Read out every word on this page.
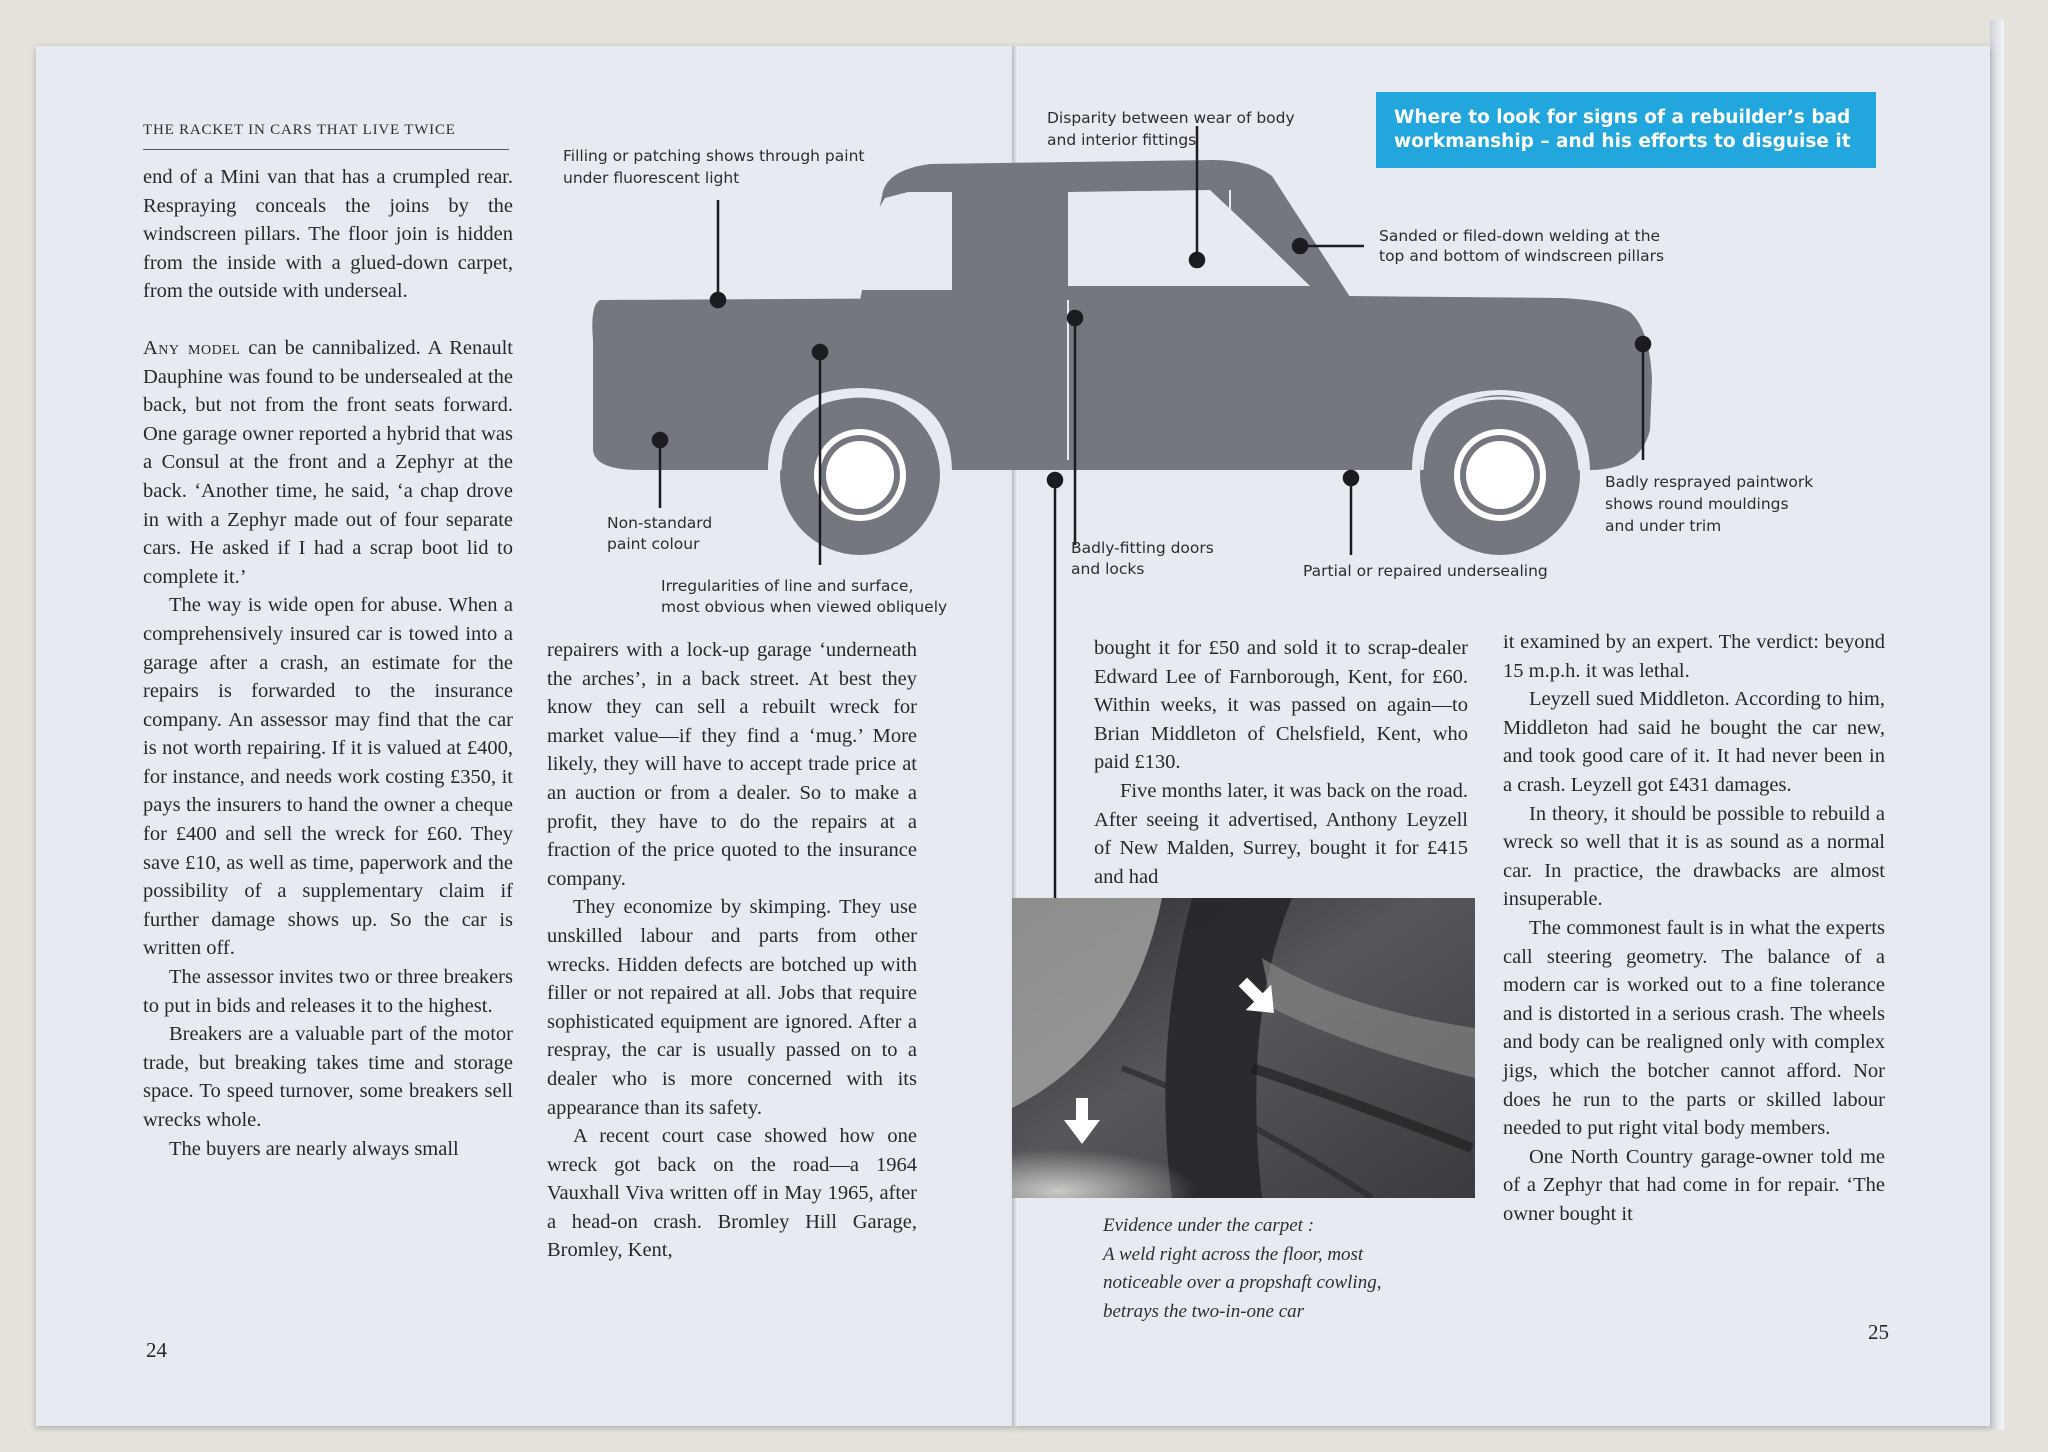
THE RACKET IN CARS THAT LIVE TWICE
Filling or patching shows through paint
under fluorescent light
Disparity between wear of body
and interior fittings
Sanded or filed-down welding at the
top and bottom of windscreen pillars
Non-standard
paint colour
Irregularities of line and surface,
most obvious when viewed obliquely
Badly-fitting doors
and locks	Partial or repaired undersealing
Badly resprayed paintwork
shows round mouldings
and under trim
Where to look for signs of a rebuilder’s bad
workmanship – and his efforts to disguise it

end of a Mini van that has a crumpled rear. Respraying conceals the joins by the windscreen pillars. The floor join is hidden from the inside with a glued-down carpet, from the outside with underseal.

Any model can be cannibalized. A Renault Dauphine was found to be undersealed at the back, but not from the front seats forward. One garage owner reported a hybrid that was a Consul at the front and a Zephyr at the back. ‘Another time, he said, ‘a chap drove in with a Zephyr made out of four separate cars. He asked if I had a scrap boot lid to complete it.’

The way is wide open for abuse. When a comprehensively insured car is towed into a garage after a crash, an estimate for the repairs is forwarded to the insurance company. An assessor may find that the car is not worth repairing. If it is valued at £400, for instance, and needs work costing £350, it pays the insurers to hand the owner a cheque for £400 and sell the wreck for £60. They save £10, as well as time, paperwork and the possibility of a supplementary claim if further damage shows up. So the car is written off.

The assessor invites two or three breakers to put in bids and releases it to the highest.

Breakers are a valuable part of the motor trade, but breaking takes time and storage space. To speed turnover, some breakers sell wrecks whole.

The buyers are nearly always small

repairers with a lock-up garage ‘underneath the arches’, in a back street. At best they know they can sell a rebuilt wreck for market value—if they find a ‘mug.’ More likely, they will have to accept trade price at an auction or from a dealer. So to make a profit, they have to do the repairs at a fraction of the price quoted to the insurance company.

They economize by skimping. They use unskilled labour and parts from other wrecks. Hidden defects are botched up with filler or not repaired at all. Jobs that require sophisticated equipment are ignored. After a respray, the car is usually passed on to a dealer who is more concerned with its appearance than its safety.

A recent court case showed how one wreck got back on the road—a 1964 Vauxhall Viva written off in May 1965, after a head-on crash. Bromley Hill Garage, Bromley, Kent,

24

bought it for £50 and sold it to scrap-dealer Edward Lee of Farnborough, Kent, for £60. Within weeks, it was passed on again—to Brian Middleton of Chelsfield, Kent, who paid £130.

Five months later, it was back on the road. After seeing it advertised, Anthony Leyzell of New Malden, Surrey, bought it for £415 and had

Evidence under the carpet :
A weld right across the floor, most
noticeable over a propshaft cowling,
betrays the two-in-one car

it examined by an expert. The verdict: beyond 15 m.p.h. it was lethal.

Leyzell sued Middleton. According to him, Middleton had said he bought the car new, and took good care of it. It had never been in a crash. Leyzell got £431 damages.

In theory, it should be possible to rebuild a wreck so well that it is as sound as a normal car. In practice, the drawbacks are almost insuperable.

The commonest fault is in what the experts call steering geometry. The balance of a modern car is worked out to a fine tolerance and is distorted in a serious crash. The wheels and body can be realigned only with complex jigs, which the botcher cannot afford. Nor does he run to the parts or skilled labour needed to put right vital body members.

One North Country garage-owner told me of a Zephyr that had come in for repair. ‘The owner bought it

25
